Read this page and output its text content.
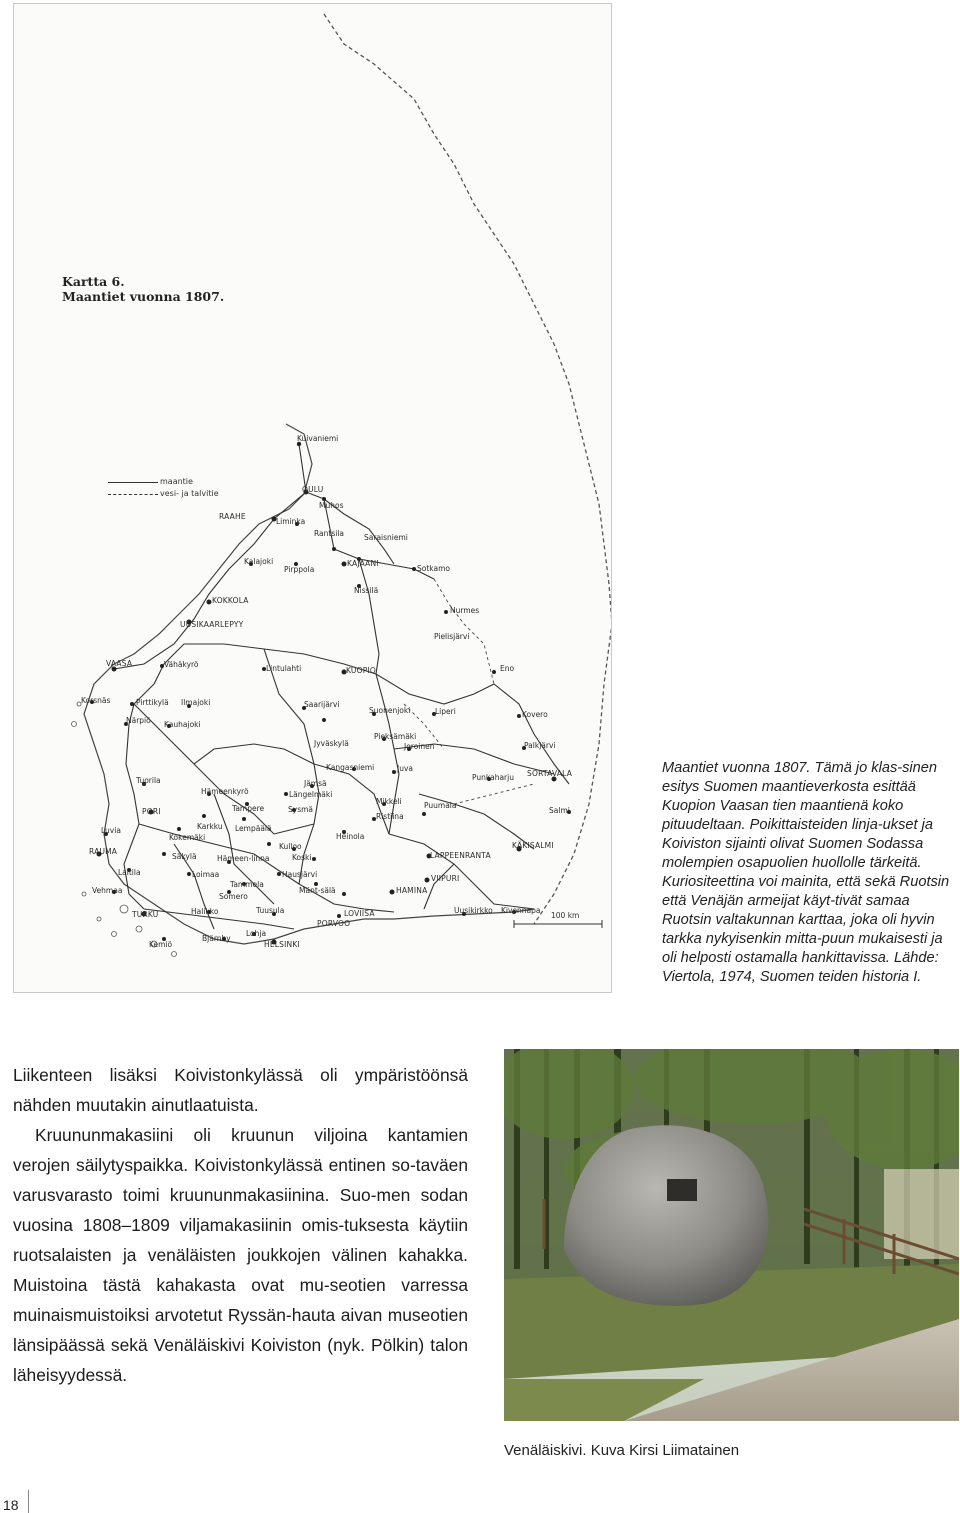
Kartta 6.
Maantiet vuonna 1807.
maantie
vesi- ja talvitie
100 km
Kuivaniemi
OULU
Muhos
RAAHE
Liminka
Rantsila	Saraisniemi
Kalajoki
Pirppola
KAJAANI
Sotkamo
Nissilä
KOKKOLA
Nurmes
UUSIKAARLEPYY
Pielisjärvi
VAASA	Vähäkyrö	Lintulahti	KUOPIO	Eno
Korsnäs	Pirttikylä Ilmajoki	Saarijärvi
Suonenjoki	Liperi	Kovero
Närpiö Kauhajoki
Pieksämäki
Joroinen
Jyväskylä	Palkjärvi
Kangasniemi	Juva
Tuorila
Hämeenkyrö
Jämsä
Punkaharju SORTAVALA
Längelmäki
PORI	Tampere	Sysmä
Mikkeli	Puumala
Salmi
Karkku Lempäälä
Ristiina
Luvia
Kokemäki	Heinola
KÄKISALMI
RAUMA
Säkylä	Hämeen-linna
Kulloo
Koski	LAPPEENRANTA
Laitila	Loimaa	Hausjärvi	VIIPURI
Vehmaa
Tammela
Somero
Mänt-sälä	HAMINA
TURKU	Halikko	Tuusula	LOVIISA
PORVOO
Uusikirkko Kivennapa
Kemiö
Bjärnby
Lohja
HELSINKI

Maantiet vuonna 1807. Tämä jo klas-sinen esitys Suomen maantieverkosta esittää Kuopion Vaasan tien maantienä koko pituudeltaan. Poikittaisteiden linja-ukset ja Koiviston sijainti olivat Suomen Sodassa molempien osapuolien huollolle tärkeitä. Kuriositeettina voi mainita, että sekä Ruotsin että Venäjän armeijat käyt-tivät samaa Ruotsin valtakunnan karttaa, joka oli hyvin tarkka nykyisenkin mitta-puun mukaisesti ja oli helposti ostamalla hankittavissa. Lähde: Viertola, 1974, Suomen teiden historia I.

Liikenteen lisäksi Koivistonkylässä oli ympäristöönsä nähden muutakin ainutlaatuista.

Kruununmakasiini oli kruunun viljoina kantamien verojen säilytyspaikka. Koivistonkylässä entinen so-taväen varusvarasto toimi kruununmakasiinina. Suo-men sodan vuosina 1808–1809 viljamakasiinin omis-tuksesta käytiin ruotsalaisten ja venäläisten joukkojen välinen kahakka. Muistoina tästä kahakasta ovat mu-seotien varressa muinaismuistoiksi arvotetut Ryssän-hauta aivan museotien länsipäässä sekä Venäläiskivi Koiviston (nyk. Pölkin) talon läheisyydessä.

Venäläiskivi. Kuva Kirsi Liimatainen
18
